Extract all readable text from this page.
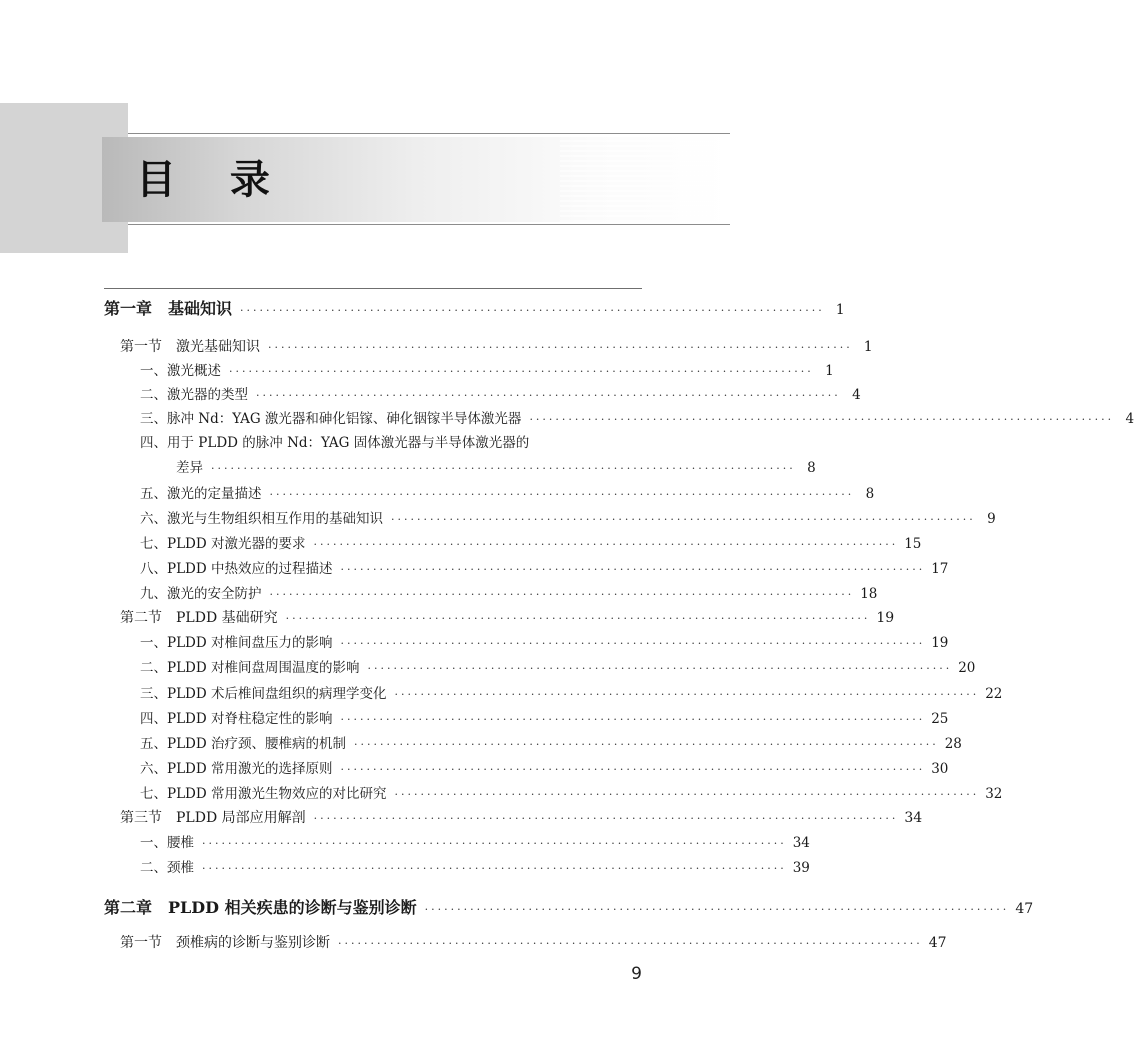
目 录
第一章　基础知识 ·························································································· 1
第一节　激光基础知识 ·························································································· 1
一、激光概述 ·························································································· 1
二、激光器的类型 ·························································································· 4
三、脉冲 Nd：YAG 激光器和砷化铝镓、砷化铟镓半导体激光器 ·························································································· 4
四、用于 PLDD 的脉冲 Nd：YAG 固体激光器与半导体激光器的
差异 ·························································································· 8
五、激光的定量描述 ·························································································· 8
六、激光与生物组织相互作用的基础知识 ·························································································· 9
七、PLDD 对激光器的要求 ·························································································· 15
八、PLDD 中热效应的过程描述 ·························································································· 17
九、激光的安全防护 ·························································································· 18
第二节　PLDD 基础研究 ·························································································· 19
一、PLDD 对椎间盘压力的影响 ·························································································· 19
二、PLDD 对椎间盘周围温度的影响 ·························································································· 20
三、PLDD 术后椎间盘组织的病理学变化 ·························································································· 22
四、PLDD 对脊柱稳定性的影响 ·························································································· 25
五、PLDD 治疗颈、腰椎病的机制 ·························································································· 28
六、PLDD 常用激光的选择原则 ·························································································· 30
七、PLDD 常用激光生物效应的对比研究 ·························································································· 32
第三节　PLDD 局部应用解剖 ·························································································· 34
一、腰椎 ·························································································· 34
二、颈椎 ·························································································· 39
第二章　PLDD 相关疾患的诊断与鉴别诊断 ·························································································· 47
第一节　颈椎病的诊断与鉴别诊断 ·························································································· 47
9
